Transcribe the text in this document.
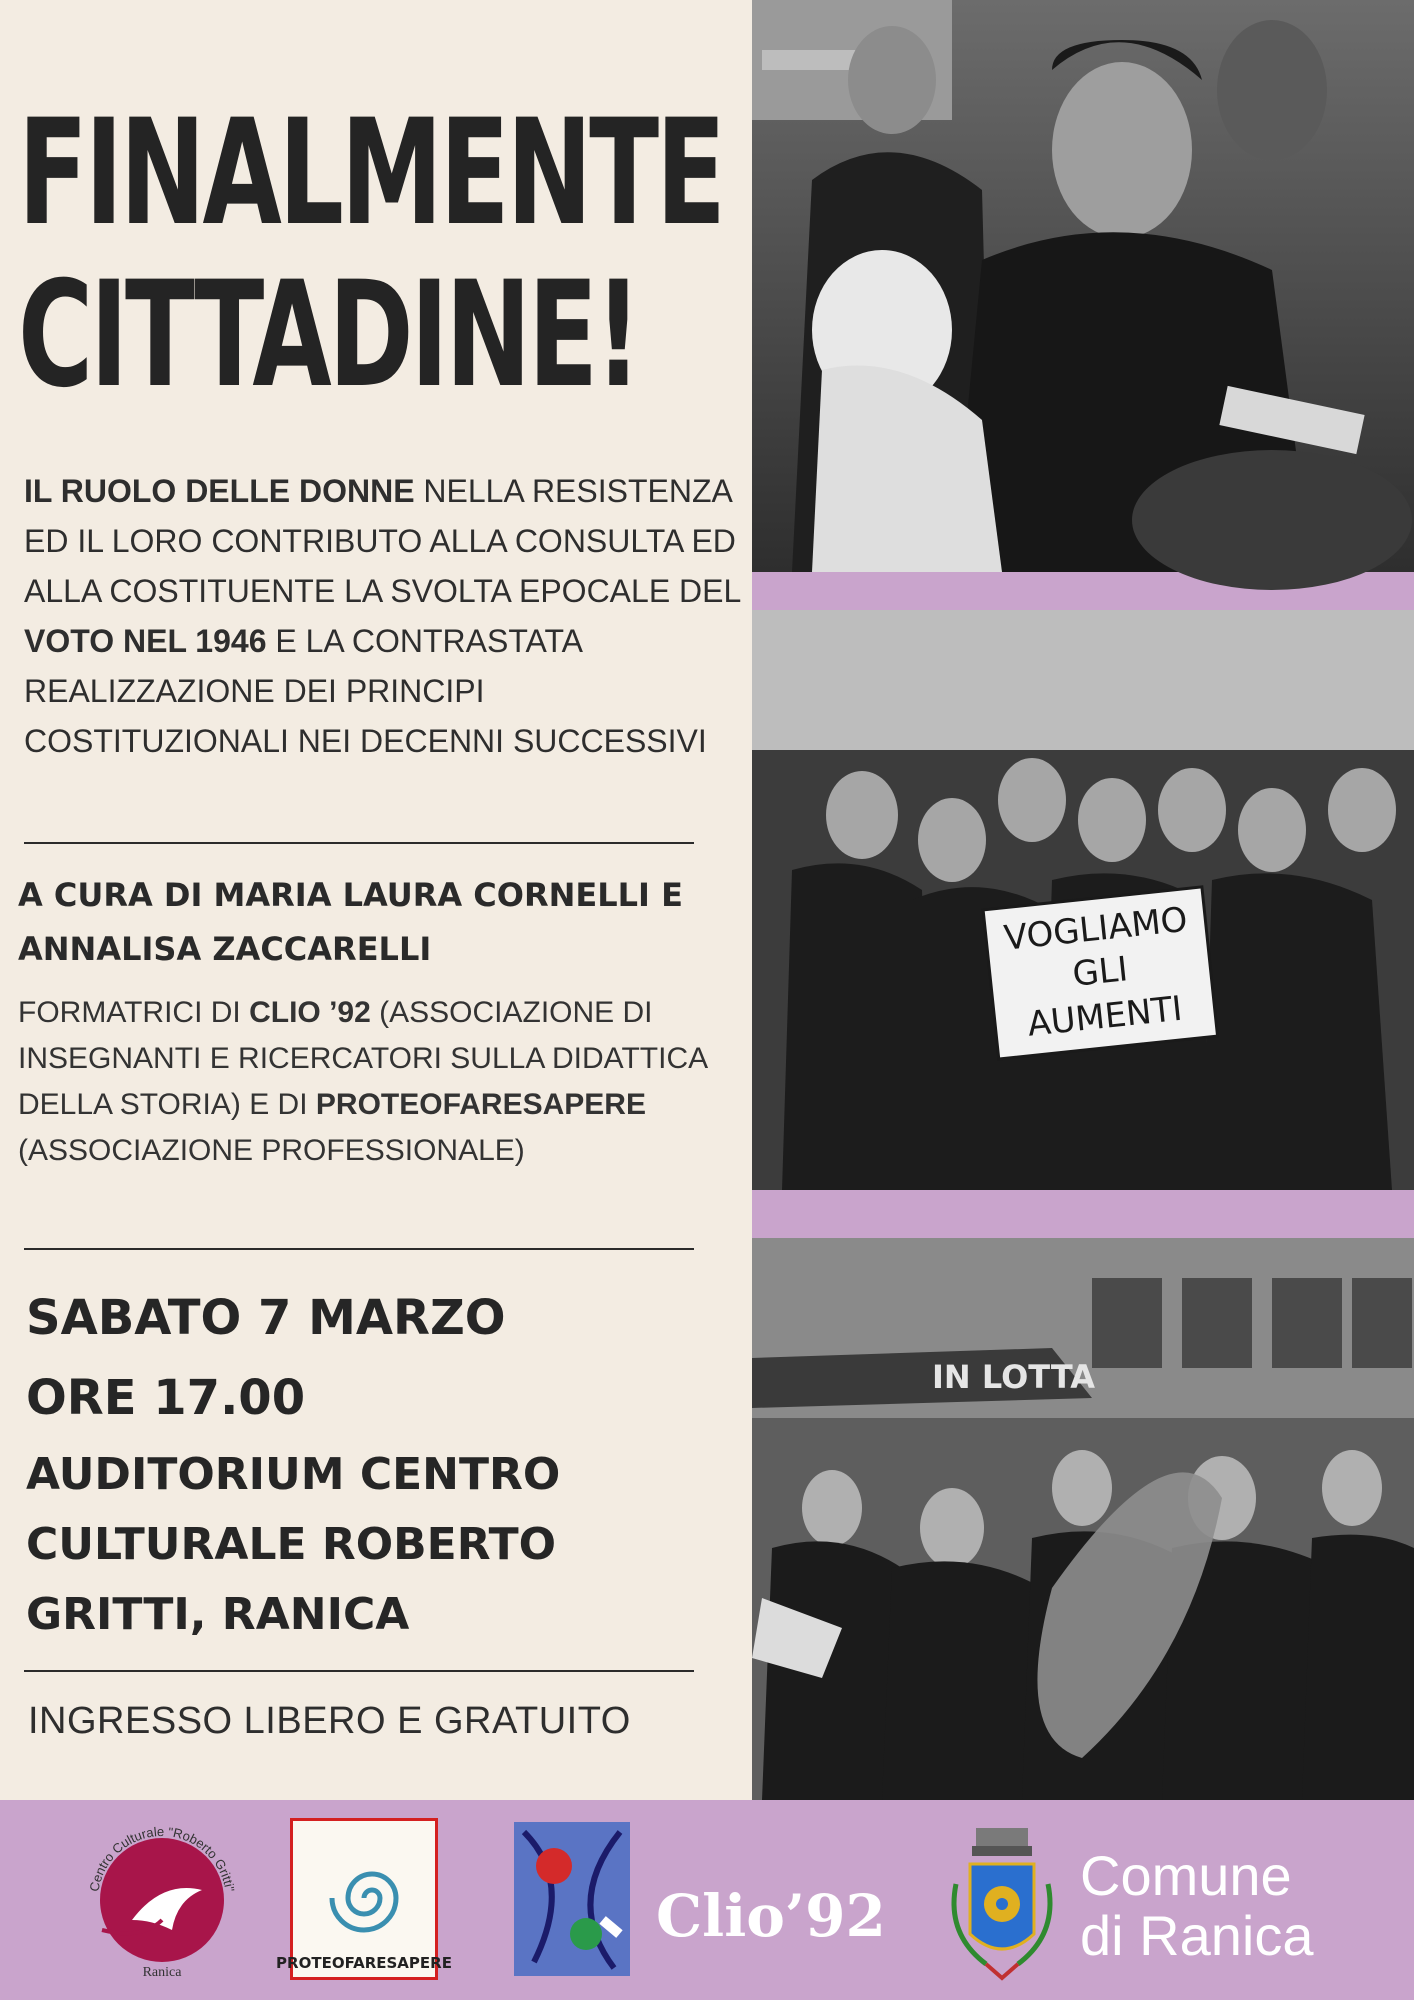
FINALMENTE
CITTADINE!

IL RUOLO DELLE DONNE NELLA RESISTENZA ED IL LORO CONTRIBUTO ALLA CONSULTA ED ALLA COSTITUENTE LA SVOLTA EPOCALE DEL VOTO NEL 1946 E LA CONTRASTATA REALIZZAZIONE DEI PRINCIPI COSTITUZIONALI NEI DECENNI SUCCESSIVI

A CURA DI MARIA LAURA CORNELLI E ANNALISA ZACCARELLI

FORMATRICI DI CLIO ’92 (ASSOCIAZIONE DI INSEGNANTI E RICERCATORI SULLA DIDATTICA DELLA STORIA) E DI PROTEOFARESAPERE (ASSOCIAZIONE PROFESSIONALE)

SABATO 7 MARZO
ORE 17.00
AUDITORIUM CENTRO CULTURALE ROBERTO GRITTI, RANICA
INGRESSO LIBERO E GRATUITO
VOGLIAMO
GLI
AUMENTI
IN LOTTA
Centro Culturale "Roberto Gritti"
Ranica
PROTEOFARESAPERE
Clio’92
Comune
di Ranica
